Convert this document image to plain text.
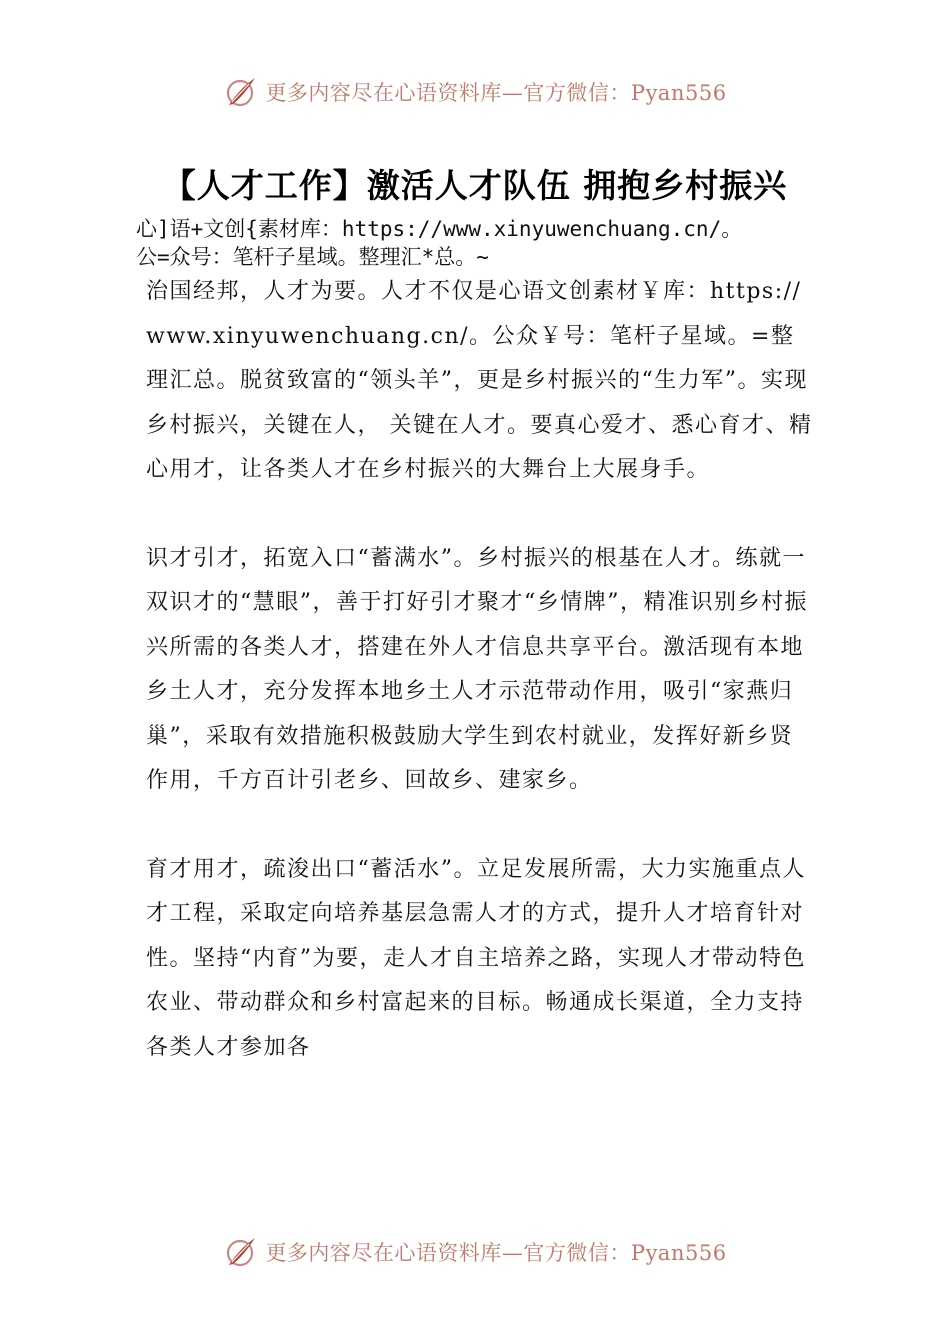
更多内容尽在心语资料库—官方微信：Pyan556
【人才工作】激活人才队伍 拥抱乡村振兴
心]语+文创{素材库：https://www.xinyuwenchuang.cn/。
公=众号：笔杆子星域。整理汇*总。~

治国经邦，人才为要。人才不仅是心语文创素材￥库：https://www.xinyuwenchuang.cn/。公众￥号：笔杆子星域。=整理汇总。脱贫致富的“领头羊”，更是乡村振兴的“生力军”。实现乡村振兴，关键在人， 关键在人才。要真心爱才、悉心育才、精心用才，让各类人才在乡村振兴的大舞台上大展身手。

识才引才，拓宽入口“蓄满水”。乡村振兴的根基在人才。练就一双识才的“慧眼”，善于打好引才聚才“乡情牌”，精准识别乡村振兴所需的各类人才，搭建在外人才信息共享平台。激活现有本地乡土人才，充分发挥本地乡土人才示范带动作用，吸引“家燕归巢”，采取有效措施积极鼓励大学生到农村就业，发挥好新乡贤作用，千方百计引老乡、回故乡、建家乡。

育才用才，疏浚出口“蓄活水”。立足发展所需，大力实施重点人才工程，采取定向培养基层急需人才的方式，提升人才培育针对性。坚持“内育”为要，走人才自主培养之路，实现人才带动特色农业、带动群众和乡村富起来的目标。畅通成长渠道，全力支持各类人才参加各

更多内容尽在心语资料库—官方微信：Pyan556
